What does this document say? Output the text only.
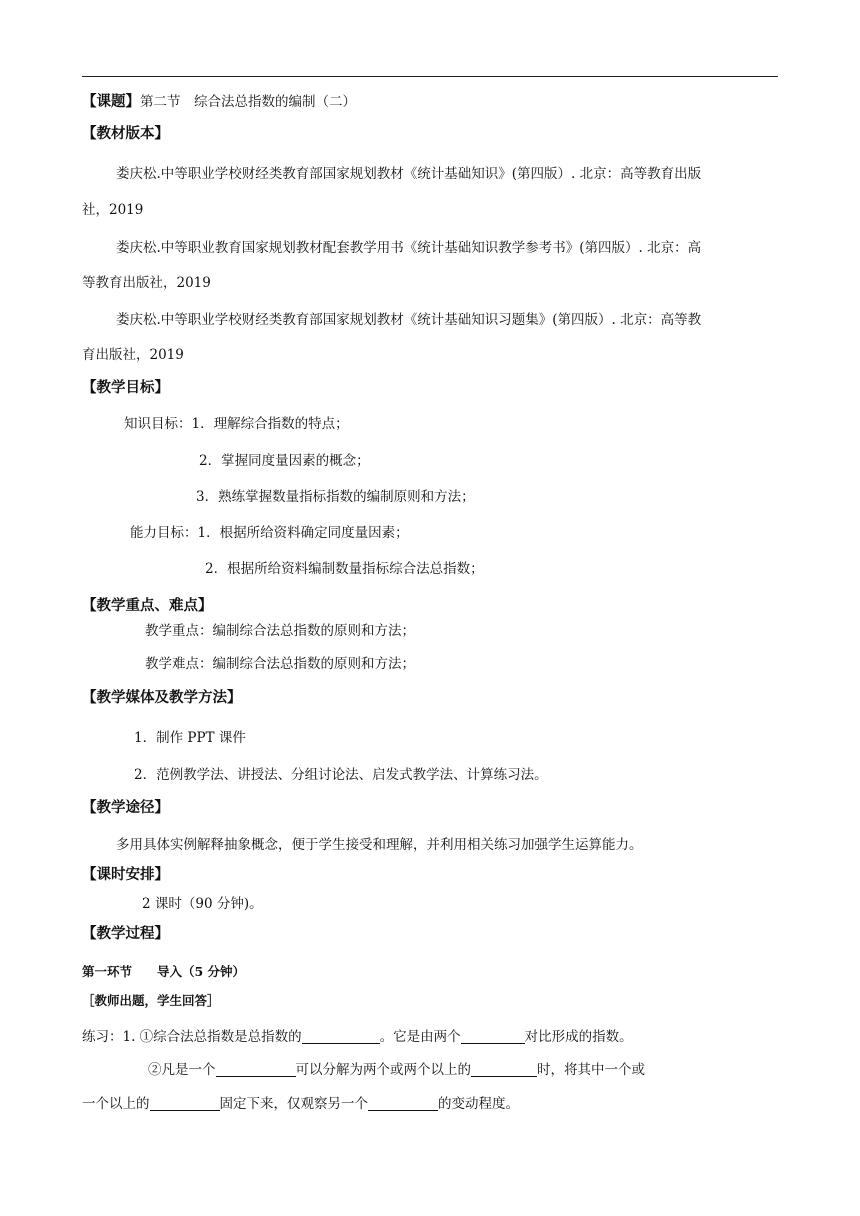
【课题】第二节　综合法总指数的编制（二）
【教材版本】
娄庆松.中等职业学校财经类教育部国家规划教材《统计基础知识》(第四版）. 北京：高等教育出版
社，2019
娄庆松.中等职业教育国家规划教材配套教学用书《统计基础知识教学参考书》(第四版）. 北京：高
等教育出版社，2019
娄庆松.中等职业学校财经类教育部国家规划教材《统计基础知识习题集》(第四版）. 北京：高等教
育出版社，2019
【教学目标】
知识目标：1．理解综合指数的特点；
2．掌握同度量因素的概念；
3．熟练掌握数量指标指数的编制原则和方法；
能力目标：1．根据所给资料确定同度量因素；
2．根据所给资料编制数量指标综合法总指数；
【教学重点、难点】
教学重点：编制综合法总指数的原则和方法；
教学难点：编制综合法总指数的原则和方法；
【教学媒体及教学方法】
1．制作 PPT 课件
2．范例教学法、讲授法、分组讨论法、启发式教学法、计算练习法。
【教学途径】
多用具体实例解释抽象概念，便于学生接受和理解，并利用相关练习加强学生运算能力。
【课时安排】
2 课时（90 分钟)。
【教学过程】
第一环节　　导入（5 分钟）
［教师出题，学生回答］
练习：1. ①综合法总指数是总指数的	。它是由两个	对比形成的指数。
②凡是一个	可以分解为两个或两个以上的	时，将其中一个或
一个以上的	固定下来，仅观察另一个	的变动程度。
